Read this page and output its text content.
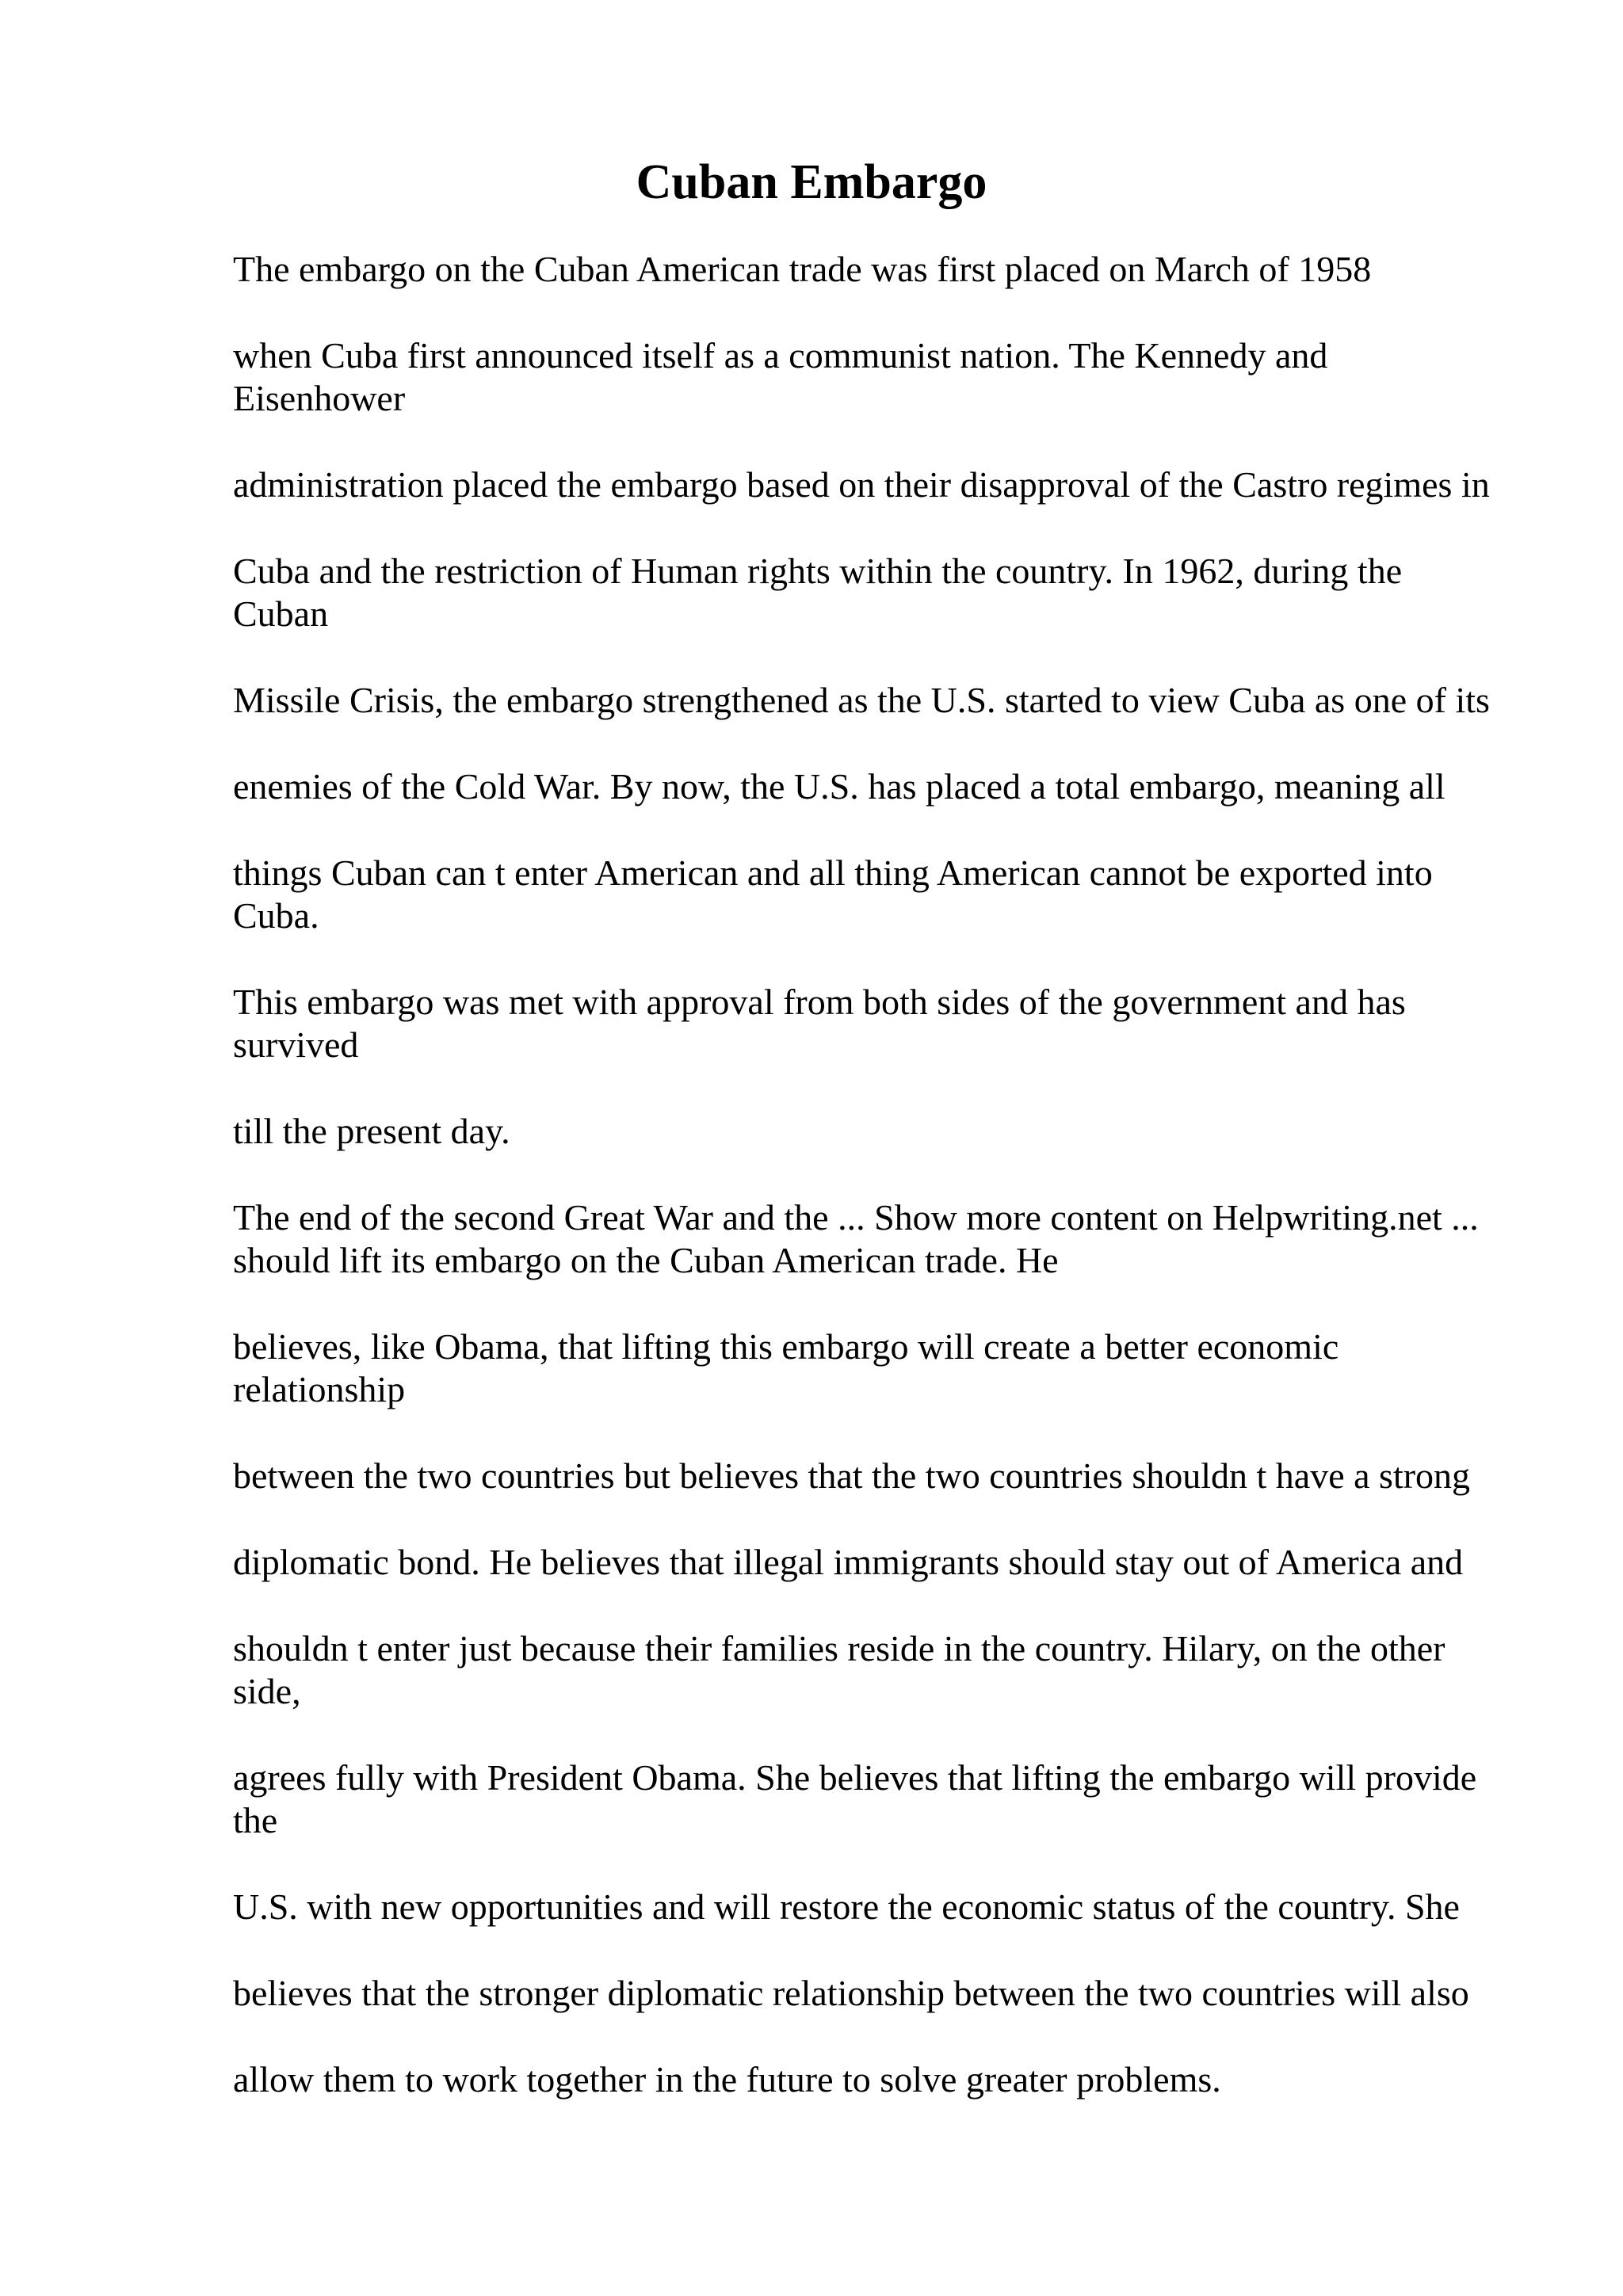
Cuban Embargo
The embargo on the Cuban American trade was first placed on March of 1958
when Cuba first announced itself as a communist nation. The Kennedy and
Eisenhower
administration placed the embargo based on their disapproval of the Castro regimes in
Cuba and the restriction of Human rights within the country. In 1962, during the
Cuban
Missile Crisis, the embargo strengthened as the U.S. started to view Cuba as one of its
enemies of the Cold War. By now, the U.S. has placed a total embargo, meaning all
things Cuban can t enter American and all thing American cannot be exported into
Cuba.
This embargo was met with approval from both sides of the government and has
survived
till the present day.
The end of the second Great War and the ... Show more content on Helpwriting.net ...
should lift its embargo on the Cuban American trade. He
believes, like Obama, that lifting this embargo will create a better economic
relationship
between the two countries but believes that the two countries shouldn t have a strong
diplomatic bond. He believes that illegal immigrants should stay out of America and
shouldn t enter just because their families reside in the country. Hilary, on the other
side,
agrees fully with President Obama. She believes that lifting the embargo will provide
the
U.S. with new opportunities and will restore the economic status of the country. She
believes that the stronger diplomatic relationship between the two countries will also
allow them to work together in the future to solve greater problems.
